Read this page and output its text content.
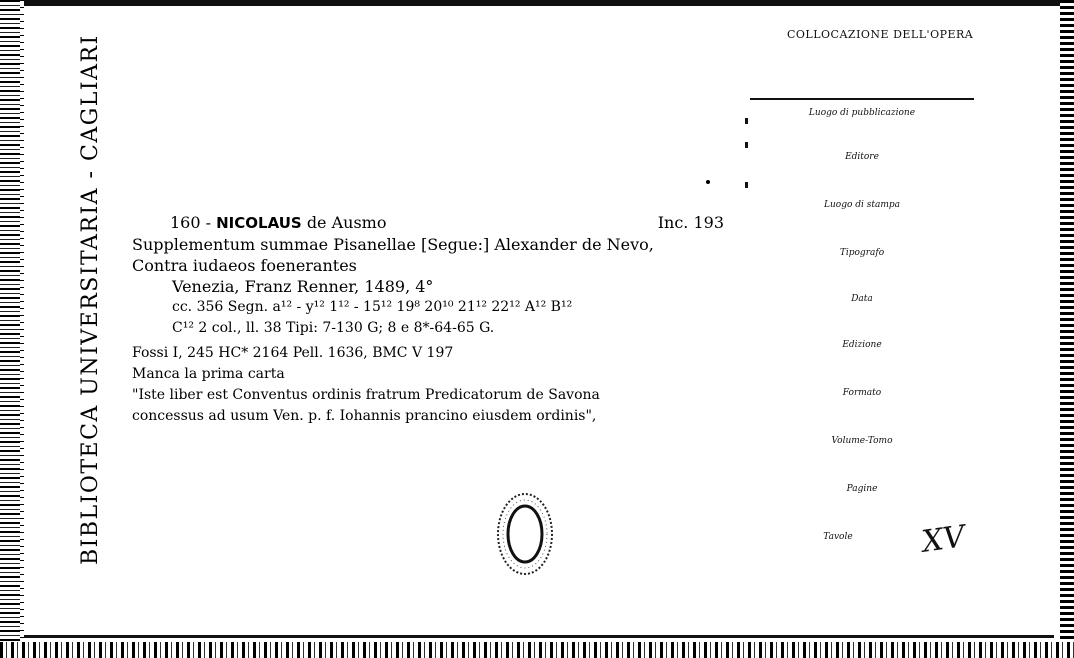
BIBLIOTECA UNIVERSITARIA - CAGLIARI	160 - NICOLAUS de Ausmo	Inc. 193
Supplementum summae Pisanellae [Segue:] Alexander de Nevo,
Contra iudaeos foenerantes
Venezia, Franz Renner, 1489, 4°
cc. 356 Segn. a¹² - y¹² 1¹² - 15¹² 19⁸ 20¹⁰ 21¹² 22¹² A¹² B¹²
C¹² 2 col., ll. 38 Tipi: 7-130 G; 8 e 8*-64-65 G.
Fossi I, 245 HC* 2164 Pell. 1636, BMC V 197
Manca la prima carta
"Iste liber est Conventus ordinis fratrum Predicatorum de Savona
concessus ad usum Ven. p. f. Iohannis prancino eiusdem ordinis",
COLLOCAZIONE DELL'OPERA
Luogo di pubblicazione
Editore
Luogo di stampa
Tipografo
Data
Edizione
Formato
Volume-Tomo
Pagine
Tavole	XV
